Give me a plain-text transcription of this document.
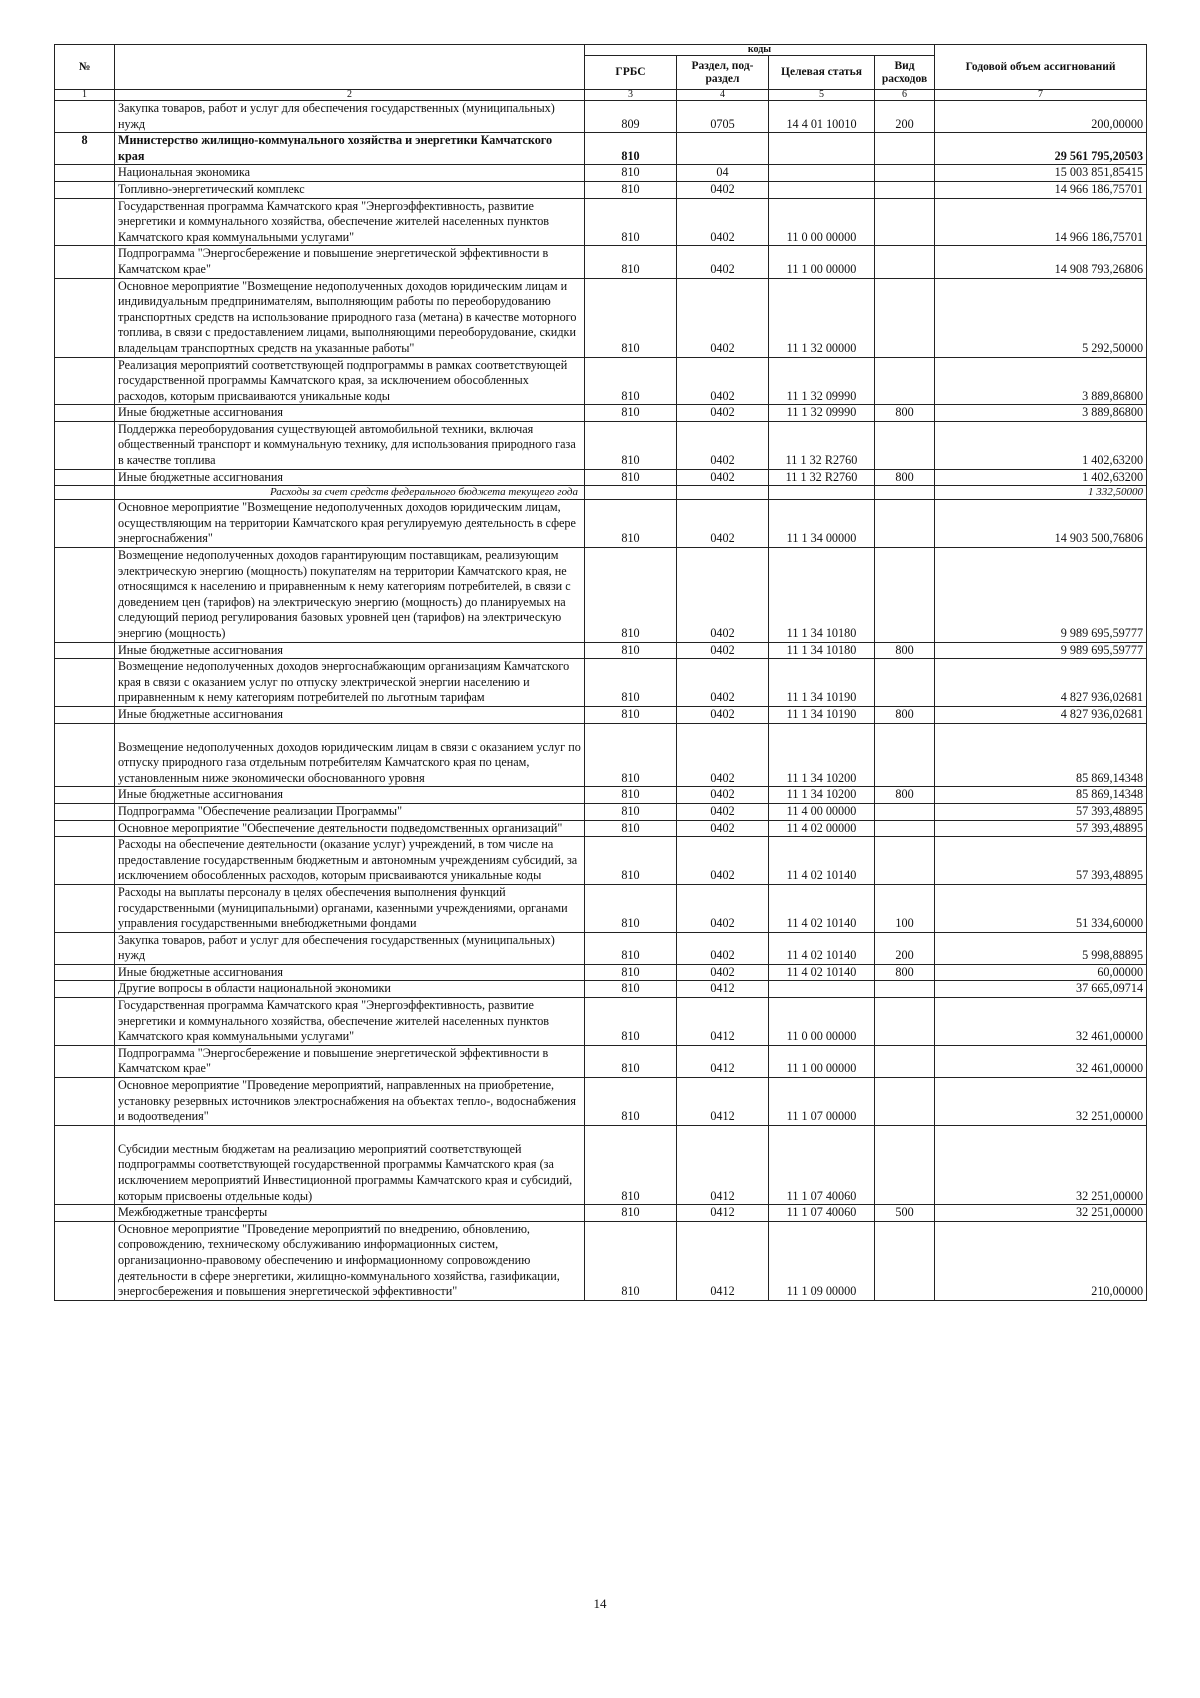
№		коды				Годовой объем ассигнований
		ГРБС	Раздел, под-раздел	Целевая статья	Вид расходов	
1	2	3	4	5	6	7
	Закупка товаров, работ и услуг для обеспечения государственных (муниципальных) нужд	809	0705	14 4 01 10010	200	200,00000
8	Министерство жилищно-коммунального хозяйства и энергетики Камчатского края	810				29 561 795,20503
	Национальная экономика	810	04			15 003 851,85415
	Топливно-энергетический комплекс	810	0402			14 966 186,75701
	Государственная программа Камчатского края "Энергоэффективность, развитие энергетики и коммунального хозяйства, обеспечение жителей населенных пунктов Камчатского края коммунальными услугами"	810	0402	11 0 00 00000		14 966 186,75701
	Подпрограмма "Энергосбережение и повышение энергетической эффективности в Камчатском крае"	810	0402	11 1 00 00000		14 908 793,26806
	Основное мероприятие "Возмещение недополученных доходов юридическим лицам и индивидуальным предпринимателям, выполняющим работы по переоборудованию транспортных средств на использование природного газа (метана) в качестве моторного топлива, в связи с предоставлением лицами, выполняющими переоборудование, скидки владельцам транспортных средств на указанные работы"	810	0402	11 1 32 00000		5 292,50000
	Реализация мероприятий соответствующей подпрограммы в рамках соответствующей государственной программы Камчатского края, за исключением обособленных расходов, которым присваиваются уникальные коды	810	0402	11 1 32 09990		3 889,86800
	Иные бюджетные ассигнования	810	0402	11 1 32 09990	800	3 889,86800
	Поддержка переоборудования существующей автомобильной техники, включая общественный транспорт и коммунальную технику, для использования природного газа в качестве топлива	810	0402	11 1 32 R2760		1 402,63200
	Иные бюджетные ассигнования	810	0402	11 1 32 R2760	800	1 402,63200
	Расходы за счет средств федерального бюджета текущего года					1 332,50000
	Основное мероприятие "Возмещение недополученных доходов юридическим лицам, осуществляющим на территории Камчатского края регулируемую деятельность в сфере энергоснабжения"	810	0402	11 1 34 00000		14 903 500,76806
	Возмещение недополученных доходов гарантирующим поставщикам, реализующим электрическую энергию (мощность) покупателям на территории Камчатского края, не относящимся к населению и приравненным к нему категориям потребителей, в связи с доведением цен (тарифов) на электрическую энергию (мощность) до планируемых на следующий период регулирования базовых уровней цен (тарифов) на электрическую энергию (мощность)	810	0402	11 1 34 10180		9 989 695,59777
	Иные бюджетные ассигнования	810	0402	11 1 34 10180	800	9 989 695,59777
	Возмещение недополученных доходов энергоснабжающим организациям Камчатского края в связи с оказанием услуг по отпуску электрической энергии населению и приравненным к нему категориям потребителей по льготным тарифам	810	0402	11 1 34 10190		4 827 936,02681
	Иные бюджетные ассигнования	810	0402	11 1 34 10190	800	4 827 936,02681
	Возмещение недополученных доходов юридическим лицам в связи с оказанием услуг по отпуску природного газа отдельным потребителям Камчатского края по ценам, установленным ниже экономически обоснованного уровня	810	0402	11 1 34 10200		85 869,14348
	Иные бюджетные ассигнования	810	0402	11 1 34 10200	800	85 869,14348
	Подпрограмма "Обеспечение реализации Программы"	810	0402	11 4 00 00000		57 393,48895
	Основное мероприятие "Обеспечение деятельности подведомственных организаций"	810	0402	11 4 02 00000		57 393,48895
	Расходы на обеспечение деятельности (оказание услуг) учреждений, в том числе на предоставление государственным бюджетным и автономным учреждениям субсидий, за исключением обособленных расходов, которым присваиваются уникальные коды	810	0402	11 4 02 10140		57 393,48895
	Расходы на выплаты персоналу в целях обеспечения выполнения функций государственными (муниципальными) органами, казенными учреждениями, органами управления государственными внебюджетными фондами	810	0402	11 4 02 10140	100	51 334,60000
	Закупка товаров, работ и услуг для обеспечения государственных (муниципальных) нужд	810	0402	11 4 02 10140	200	5 998,88895
	Иные бюджетные ассигнования	810	0402	11 4 02 10140	800	60,00000
	Другие вопросы в области национальной экономики	810	0412			37 665,09714
	Государственная программа Камчатского края "Энергоэффективность, развитие энергетики и коммунального хозяйства, обеспечение жителей населенных пунктов Камчатского края коммунальными услугами"	810	0412	11 0 00 00000		32 461,00000
	Подпрограмма "Энергосбережение и повышение энергетической эффективности в Камчатском крае"	810	0412	11 1 00 00000		32 461,00000
	Основное мероприятие "Проведение мероприятий, направленных на приобретение, установку резервных источников электроснабжения на объектах тепло-, водоснабжения и водоотведения"	810	0412	11 1 07 00000		32 251,00000
	Субсидии местным бюджетам на реализацию мероприятий соответствующей подпрограммы соответствующей государственной программы Камчатского края (за исключением мероприятий Инвестиционной программы Камчатского края и субсидий, которым присвоены отдельные коды)	810	0412	11 1 07 40060		32 251,00000
	Межбюджетные трансферты	810	0412	11 1 07 40060	500	32 251,00000
	Основное мероприятие "Проведение мероприятий по внедрению, обновлению, сопровождению, техническому обслуживанию информационных систем, организационно-правовому обеспечению и информационному сопровождению деятельности в сфере энергетики, жилищно-коммунального хозяйства, газификации, энергосбережения и повышения энергетической эффективности"	810	0412	11 1 09 00000		210,00000
14
